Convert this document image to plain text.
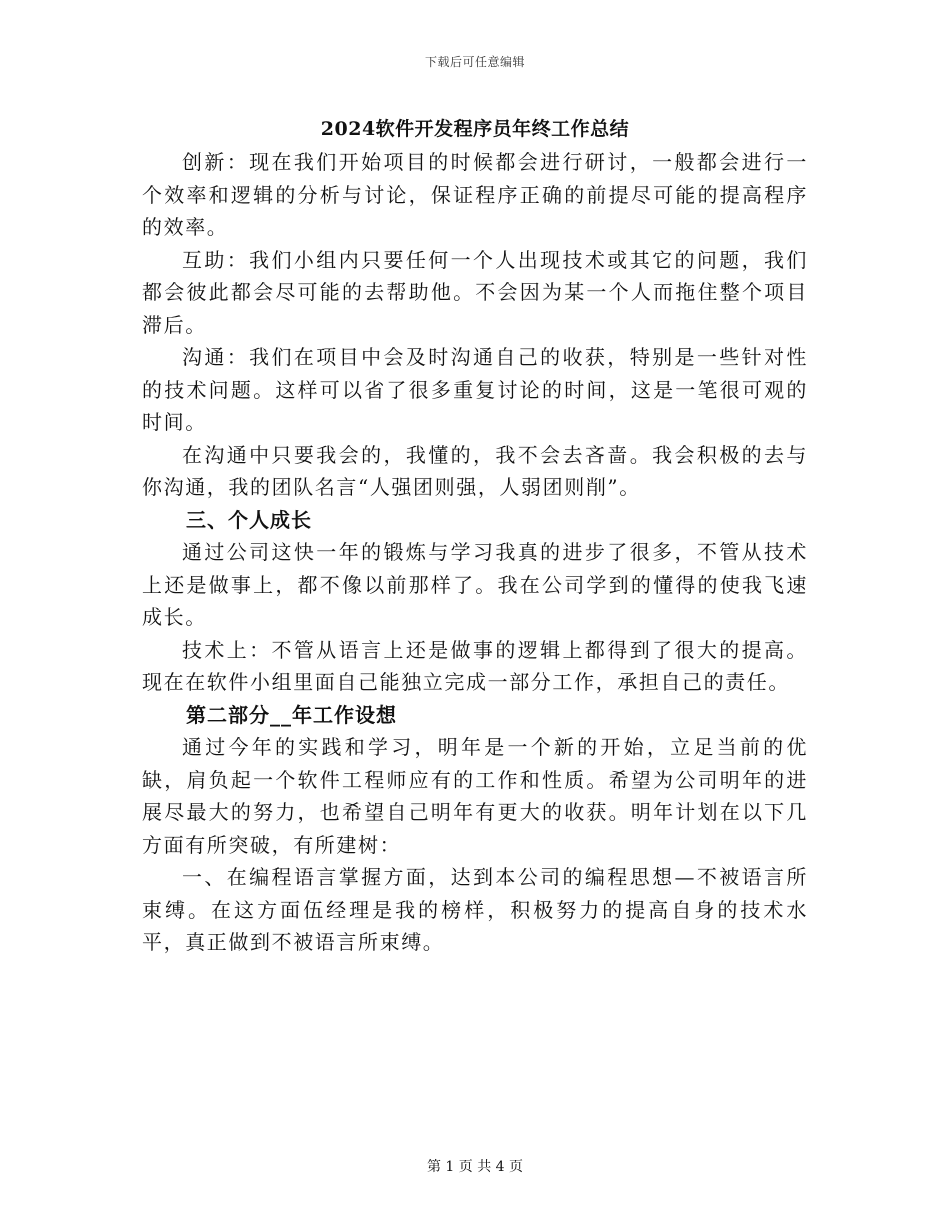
下载后可任意编辑
2024软件开发程序员年终工作总结

创新：现在我们开始项目的时候都会进行研讨，一般都会进行一个效率和逻辑的分析与讨论，保证程序正确的前提尽可能的提高程序的效率。

互助：我们小组内只要任何一个人出现技术或其它的问题，我们都会彼此都会尽可能的去帮助他。不会因为某一个人而拖住整个项目滞后。

沟通：我们在项目中会及时沟通自己的收获，特别是一些针对性的技术问题。这样可以省了很多重复讨论的时间，这是一笔很可观的时间。

在沟通中只要我会的，我懂的，我不会去吝啬。我会积极的去与你沟通，我的团队名言“人强团则强，人弱团则削”。

三、个人成长

通过公司这快一年的锻炼与学习我真的进步了很多，不管从技术上还是做事上，都不像以前那样了。我在公司学到的懂得的使我飞速成长。

技术上：不管从语言上还是做事的逻辑上都得到了很大的提高。现在在软件小组里面自己能独立完成一部分工作，承担自己的责任。

第二部分__年工作设想

通过今年的实践和学习，明年是一个新的开始，立足当前的优缺，肩负起一个软件工程师应有的工作和性质。希望为公司明年的进展尽最大的努力，也希望自己明年有更大的收获。明年计划在以下几方面有所突破，有所建树：

一、在编程语言掌握方面，达到本公司的编程思想—不被语言所束缚。在这方面伍经理是我的榜样，积极努力的提高自身的技术水平，真正做到不被语言所束缚。

第 1 页 共 4 页
